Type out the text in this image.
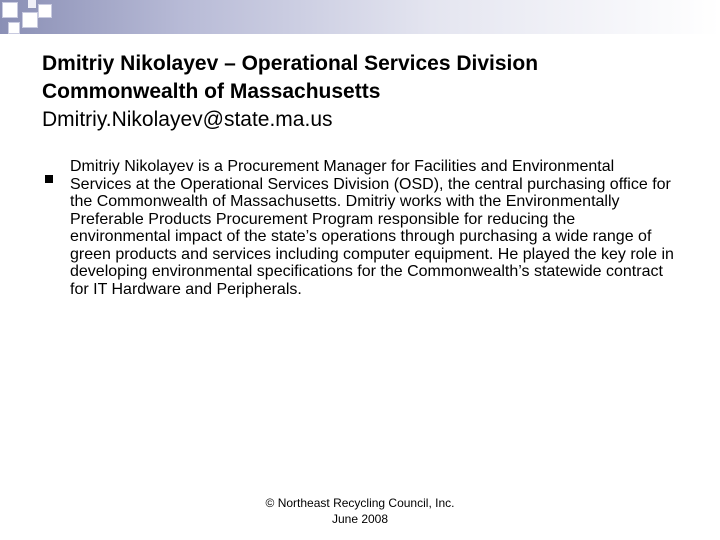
Dmitriy Nikolayev – Operational Services Division
Commonwealth of Massachusetts
Dmitriy.Nikolayev@state.ma.us
Dmitriy Nikolayev is a Procurement Manager for Facilities and Environmental Services at the Operational Services Division (OSD), the central purchasing office for the Commonwealth of Massachusetts. Dmitriy works with the Environmentally Preferable Products Procurement Program responsible for reducing the environmental impact of the state’s operations through purchasing a wide range of green products and services including computer equipment. He played the key role in developing environmental specifications for the Commonwealth’s statewide contract for IT Hardware and Peripherals.
© Northeast Recycling Council, Inc.
June 2008
